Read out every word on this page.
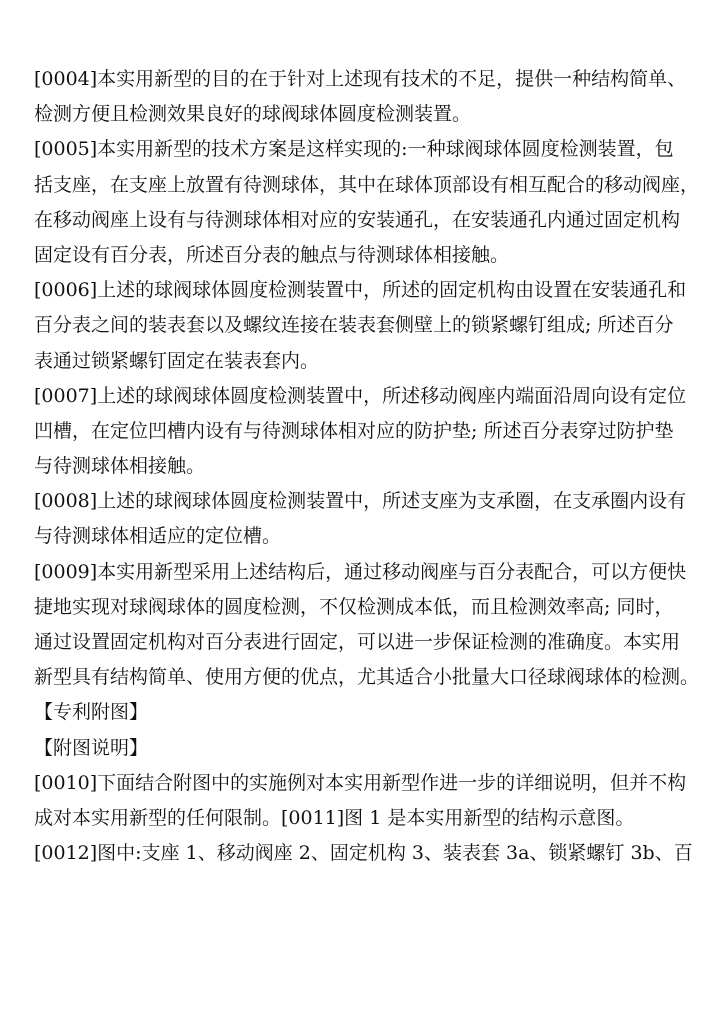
[0004]本实用新型的目的在于针对上述现有技术的不足，提供一种结构简单、
检测方便且检测效果良好的球阀球体圆度检测装置。
[0005]本实用新型的技术方案是这样实现的:一种球阀球体圆度检测装置，包
括支座，在支座上放置有待测球体，其中在球体顶部设有相互配合的移动阀座，
在移动阀座上设有与待测球体相对应的安装通孔，在安装通孔内通过固定机构
固定设有百分表，所述百分表的触点与待测球体相接触。
[0006]上述的球阀球体圆度检测装置中，所述的固定机构由设置在安装通孔和
百分表之间的装表套以及螺纹连接在装表套侧壁上的锁紧螺钉组成; 所述百分
表通过锁紧螺钉固定在装表套内。
[0007]上述的球阀球体圆度检测装置中，所述移动阀座内端面沿周向设有定位
凹槽，在定位凹槽内设有与待测球体相对应的防护垫; 所述百分表穿过防护垫
与待测球体相接触。
[0008]上述的球阀球体圆度检测装置中，所述支座为支承圈，在支承圈内设有
与待测球体相适应的定位槽。
[0009]本实用新型采用上述结构后，通过移动阀座与百分表配合，可以方便快
捷地实现对球阀球体的圆度检测，不仅检测成本低，而且检测效率高; 同时，
通过设置固定机构对百分表进行固定，可以进一步保证检测的准确度。本实用
新型具有结构简单、使用方便的优点，尤其适合小批量大口径球阀球体的检测。
【专利附图】
【附图说明】
[0010]下面结合附图中的实施例对本实用新型作进一步的详细说明，但并不构
成对本实用新型的任何限制。[0011]图 1 是本实用新型的结构示意图。
[0012]图中:支座 1、移动阀座 2、固定机构 3、装表套 3a、锁紧螺钉 3b、百
